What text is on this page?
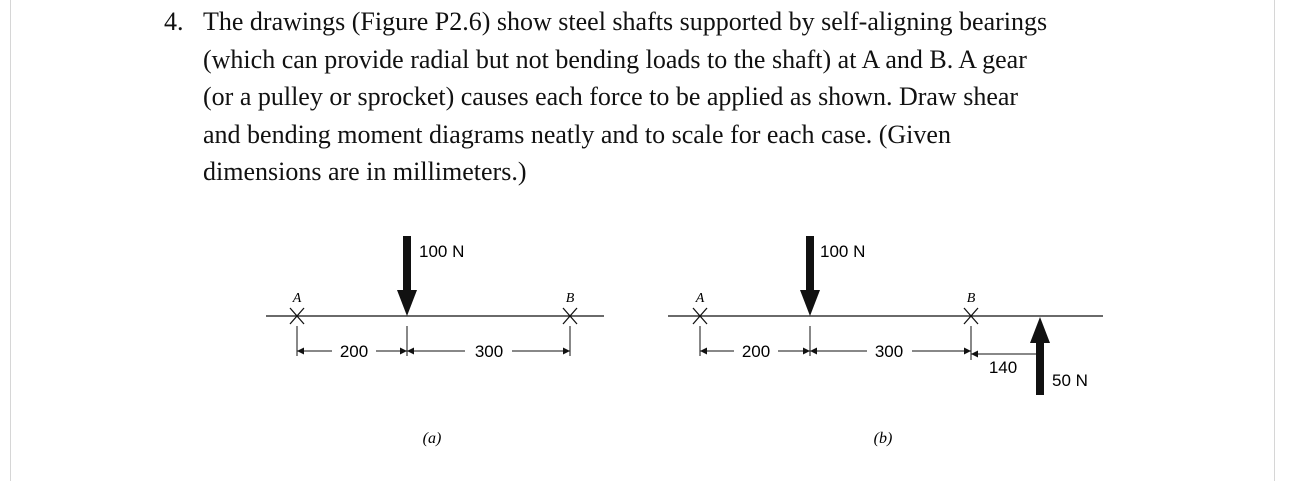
4. The drawings (Figure P2.6) show steel shafts supported by self-aligning bearings
(which can provide radial but not bending loads to the shaft) at A and B. A gear
(or a pulley or sprocket) causes each force to be applied as shown. Draw shear
and bending moment diagrams neatly and to scale for each case. (Given
dimensions are in millimeters.)
A	B
100 N
200	300
(a)
A	B
100 N
50 N
200	300
140
(b)
